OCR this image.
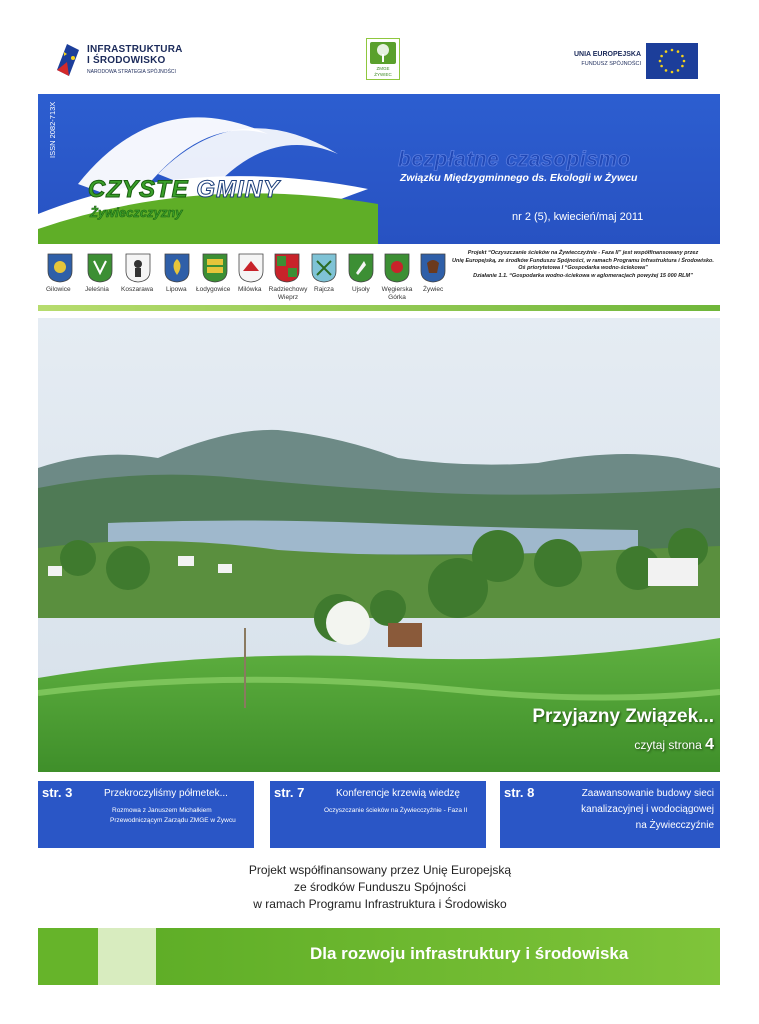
INFRASTRUKTURA
I ŚRODOWISKO
NARODOWA STRATEGIA SPÓJNOŚCI
ZMGE
ŻYWIEC
UNIA EUROPEJSKA
FUNDUSZ SPÓJNOŚCI
ISSN 2082-713X
CZYSTE GMINY
Żywieczczyzny
bezpłatne czasopismo
Związku Międzygminnego ds. Ekologii w Żywcu
nr 2 (5), kwiecień/maj 2011
Gilowice Jeleśnia Koszarawa Lipowa Łodygowice Milówka Radziechowy Wieprz
Rajcza	Ujsoły Węgierska Górka
Żywiec
Projekt “Oczyszczanie ścieków na Żywiecczyźnie - Faza II” jest współfinansowany przez
Unię Europejską, ze środków Funduszu Spójności, w ramach Programu Infrastruktura i Środowisko.
Oś priorytetowa I “Gospodarka wodno-ściekowa”
Działanie 1.1. “Gospodarka wodno-ściekowa w aglomeracjach powyżej 15 000 RLM”
Przyjazny Związek...
czytaj strona 4
str. 3	Przekroczyliśmy półmetek...
Rozmowa z Januszem Michałkiem
Przewodniczącym Zarządu ZMGE w Żywcu
str. 7	Konferencje krzewią wiedzę
Oczyszczanie ścieków na Żywiecczyźnie - Faza II
str. 8	Zaawansowanie budowy sieci
kanalizacyjnej i wodociągowej
na Żywiecczyźnie
Projekt współfinansowany przez Unię Europejską
ze środków Funduszu Spójności
w ramach Programu Infrastruktura i Środowisko
Dla rozwoju infrastruktury i środowiska
